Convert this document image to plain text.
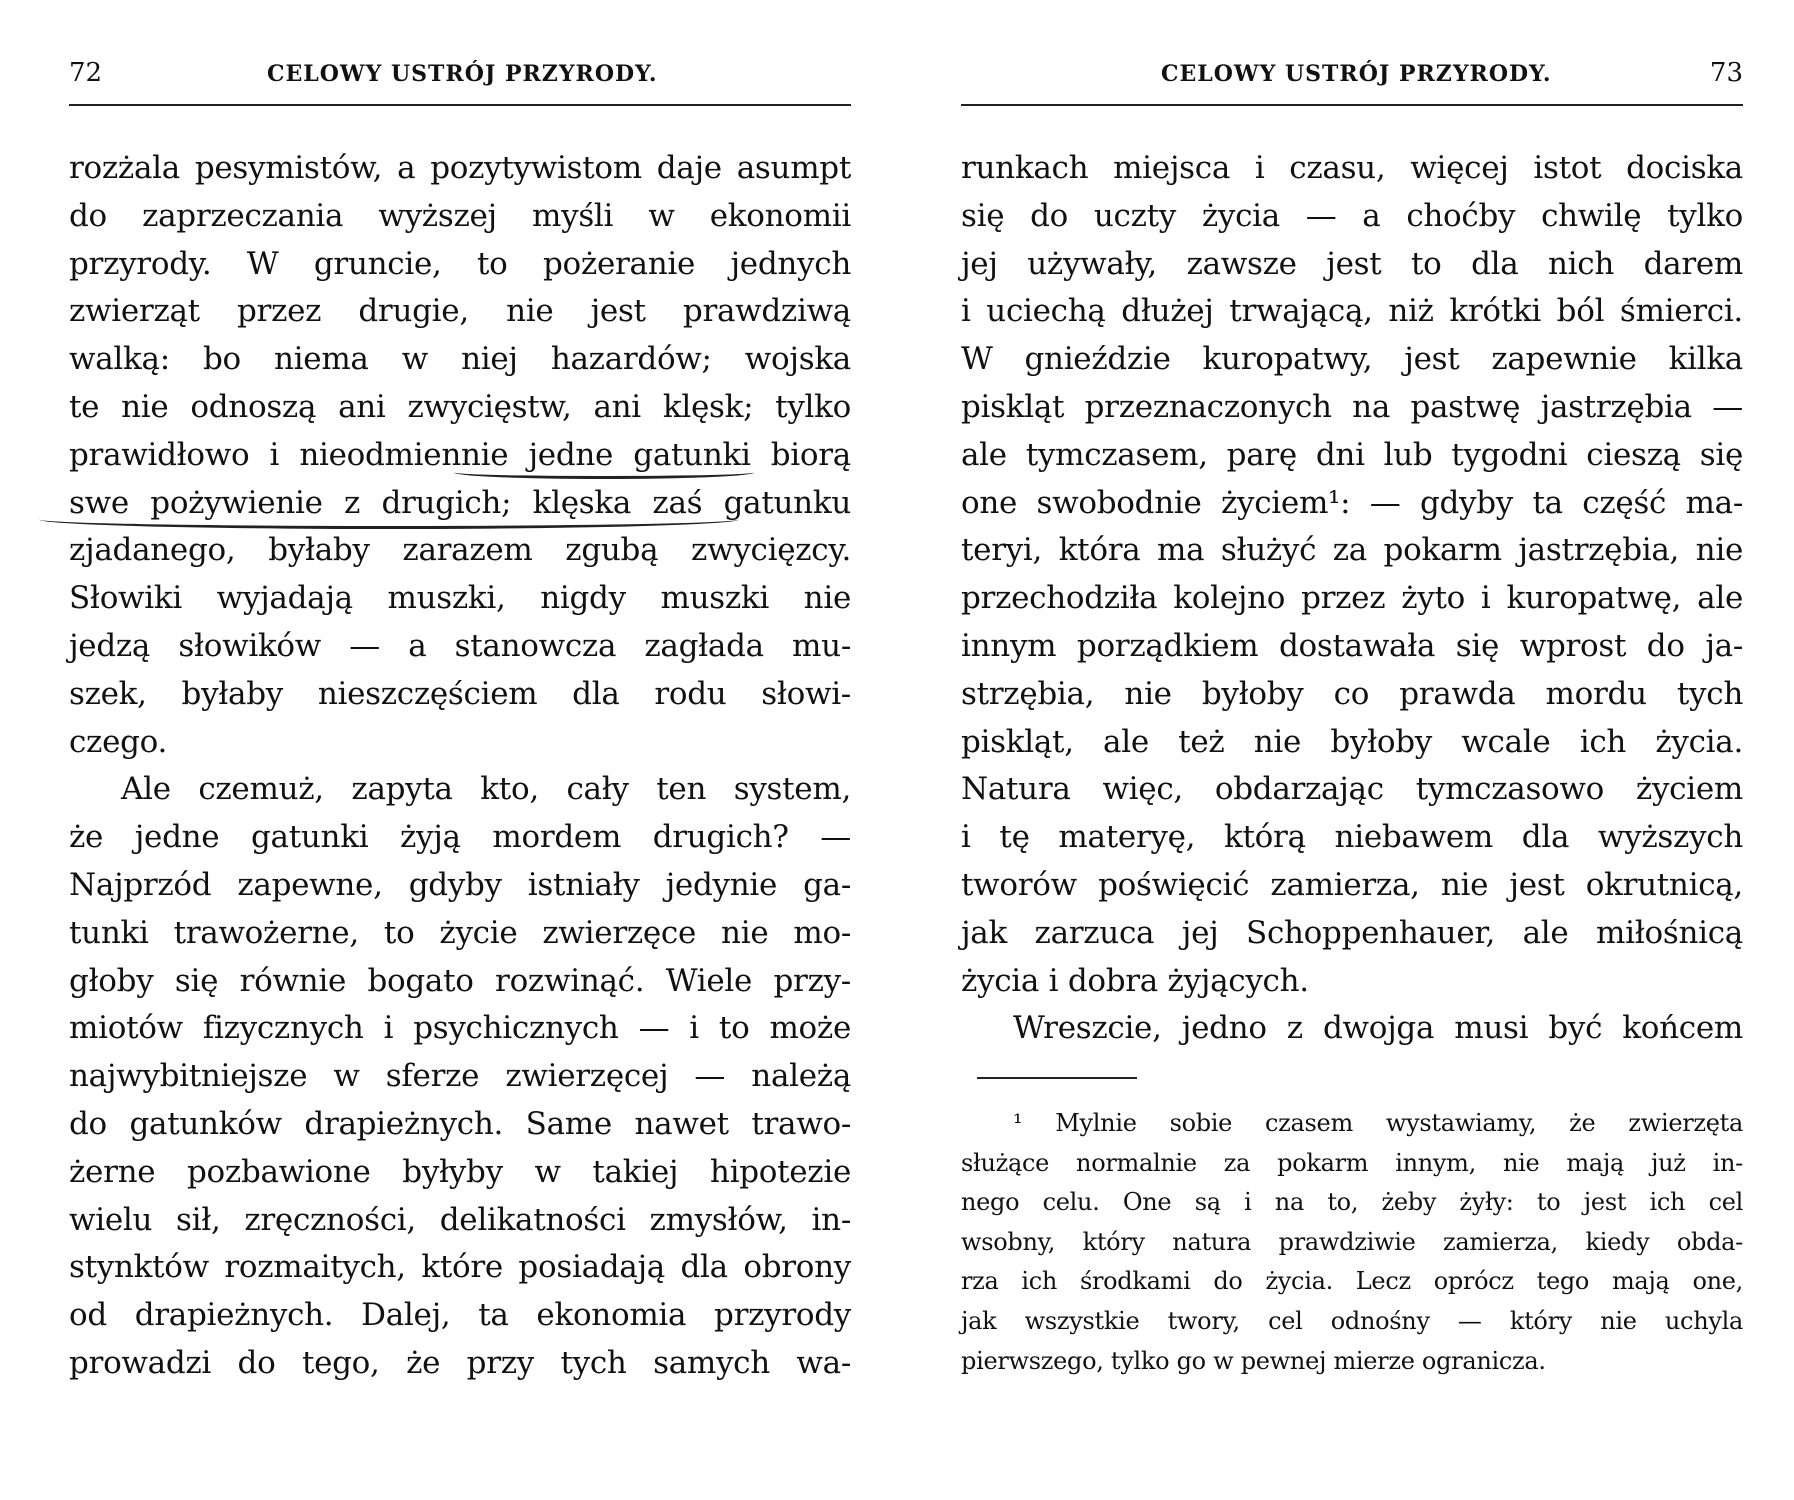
72	CELOWY USTRÓJ PRZYRODY.
rozżala pesymistów, a pozytywistom daje asumpt
do zaprzeczania wyższej myśli w ekonomii
przyrody. W gruncie, to pożeranie jednych
zwierząt przez drugie, nie jest prawdziwą
walką: bo niema w niej hazardów; wojska
te nie odnoszą ani zwycięstw, ani klęsk; tylko
prawidłowo i nieodmiennie jedne gatunki biorą
swe pożywienie z drugich; klęska zaś gatunku
zjadanego, byłaby zarazem zgubą zwycięzcy.
Słowiki wyjadają muszki, nigdy muszki nie
jedzą słowików — a stanowcza zagłada mu-
szek, byłaby nieszczęściem dla rodu słowi-
czego.
Ale czemuż, zapyta kto, cały ten system,
że jedne gatunki żyją mordem drugich? —
Najprzód zapewne, gdyby istniały jedynie ga-
tunki trawożerne, to życie zwierzęce nie mo-
głoby się równie bogato rozwinąć. Wiele przy-
miotów fizycznych i psychicznych — i to może
najwybitniejsze w sferze zwierzęcej — należą
do gatunków drapieżnych. Same nawet trawo-
żerne pozbawione byłyby w takiej hipotezie
wielu sił, zręczności, delikatności zmysłów, in-
stynktów rozmaitych, które posiadają dla obrony
od drapieżnych. Dalej, ta ekonomia przyrody
prowadzi do tego, że przy tych samych wa-
CELOWY USTRÓJ PRZYRODY.	73
runkach miejsca i czasu, więcej istot dociska
się do uczty życia — a choćby chwilę tylko
jej używały, zawsze jest to dla nich darem
i uciechą dłużej trwającą, niż krótki ból śmierci.
W gnieździe kuropatwy, jest zapewnie kilka
piskląt przeznaczonych na pastwę jastrzębia —
ale tymczasem, parę dni lub tygodni cieszą się
one swobodnie życiem¹: — gdyby ta część ma-
teryi, która ma służyć za pokarm jastrzębia, nie
przechodziła kolejno przez żyto i kuropatwę, ale
innym porządkiem dostawała się wprost do ja-
strzębia, nie byłoby co prawda mordu tych
piskląt, ale też nie byłoby wcale ich życia.
Natura więc, obdarzając tymczasowo życiem
i tę materyę, którą niebawem dla wyższych
tworów poświęcić zamierza, nie jest okrutnicą,
jak zarzuca jej Schoppenhauer, ale miłośnicą
życia i dobra żyjących.
Wreszcie, jedno z dwojga musi być końcem
¹ Mylnie sobie czasem wystawiamy, że zwierzęta
służące normalnie za pokarm innym, nie mają już in-
nego celu. One są i na to, żeby żyły: to jest ich cel
wsobny, który natura prawdziwie zamierza, kiedy obda-
rza ich środkami do życia. Lecz oprócz tego mają one,
jak wszystkie twory, cel odnośny — który nie uchyla
pierwszego, tylko go w pewnej mierze ogranicza.
